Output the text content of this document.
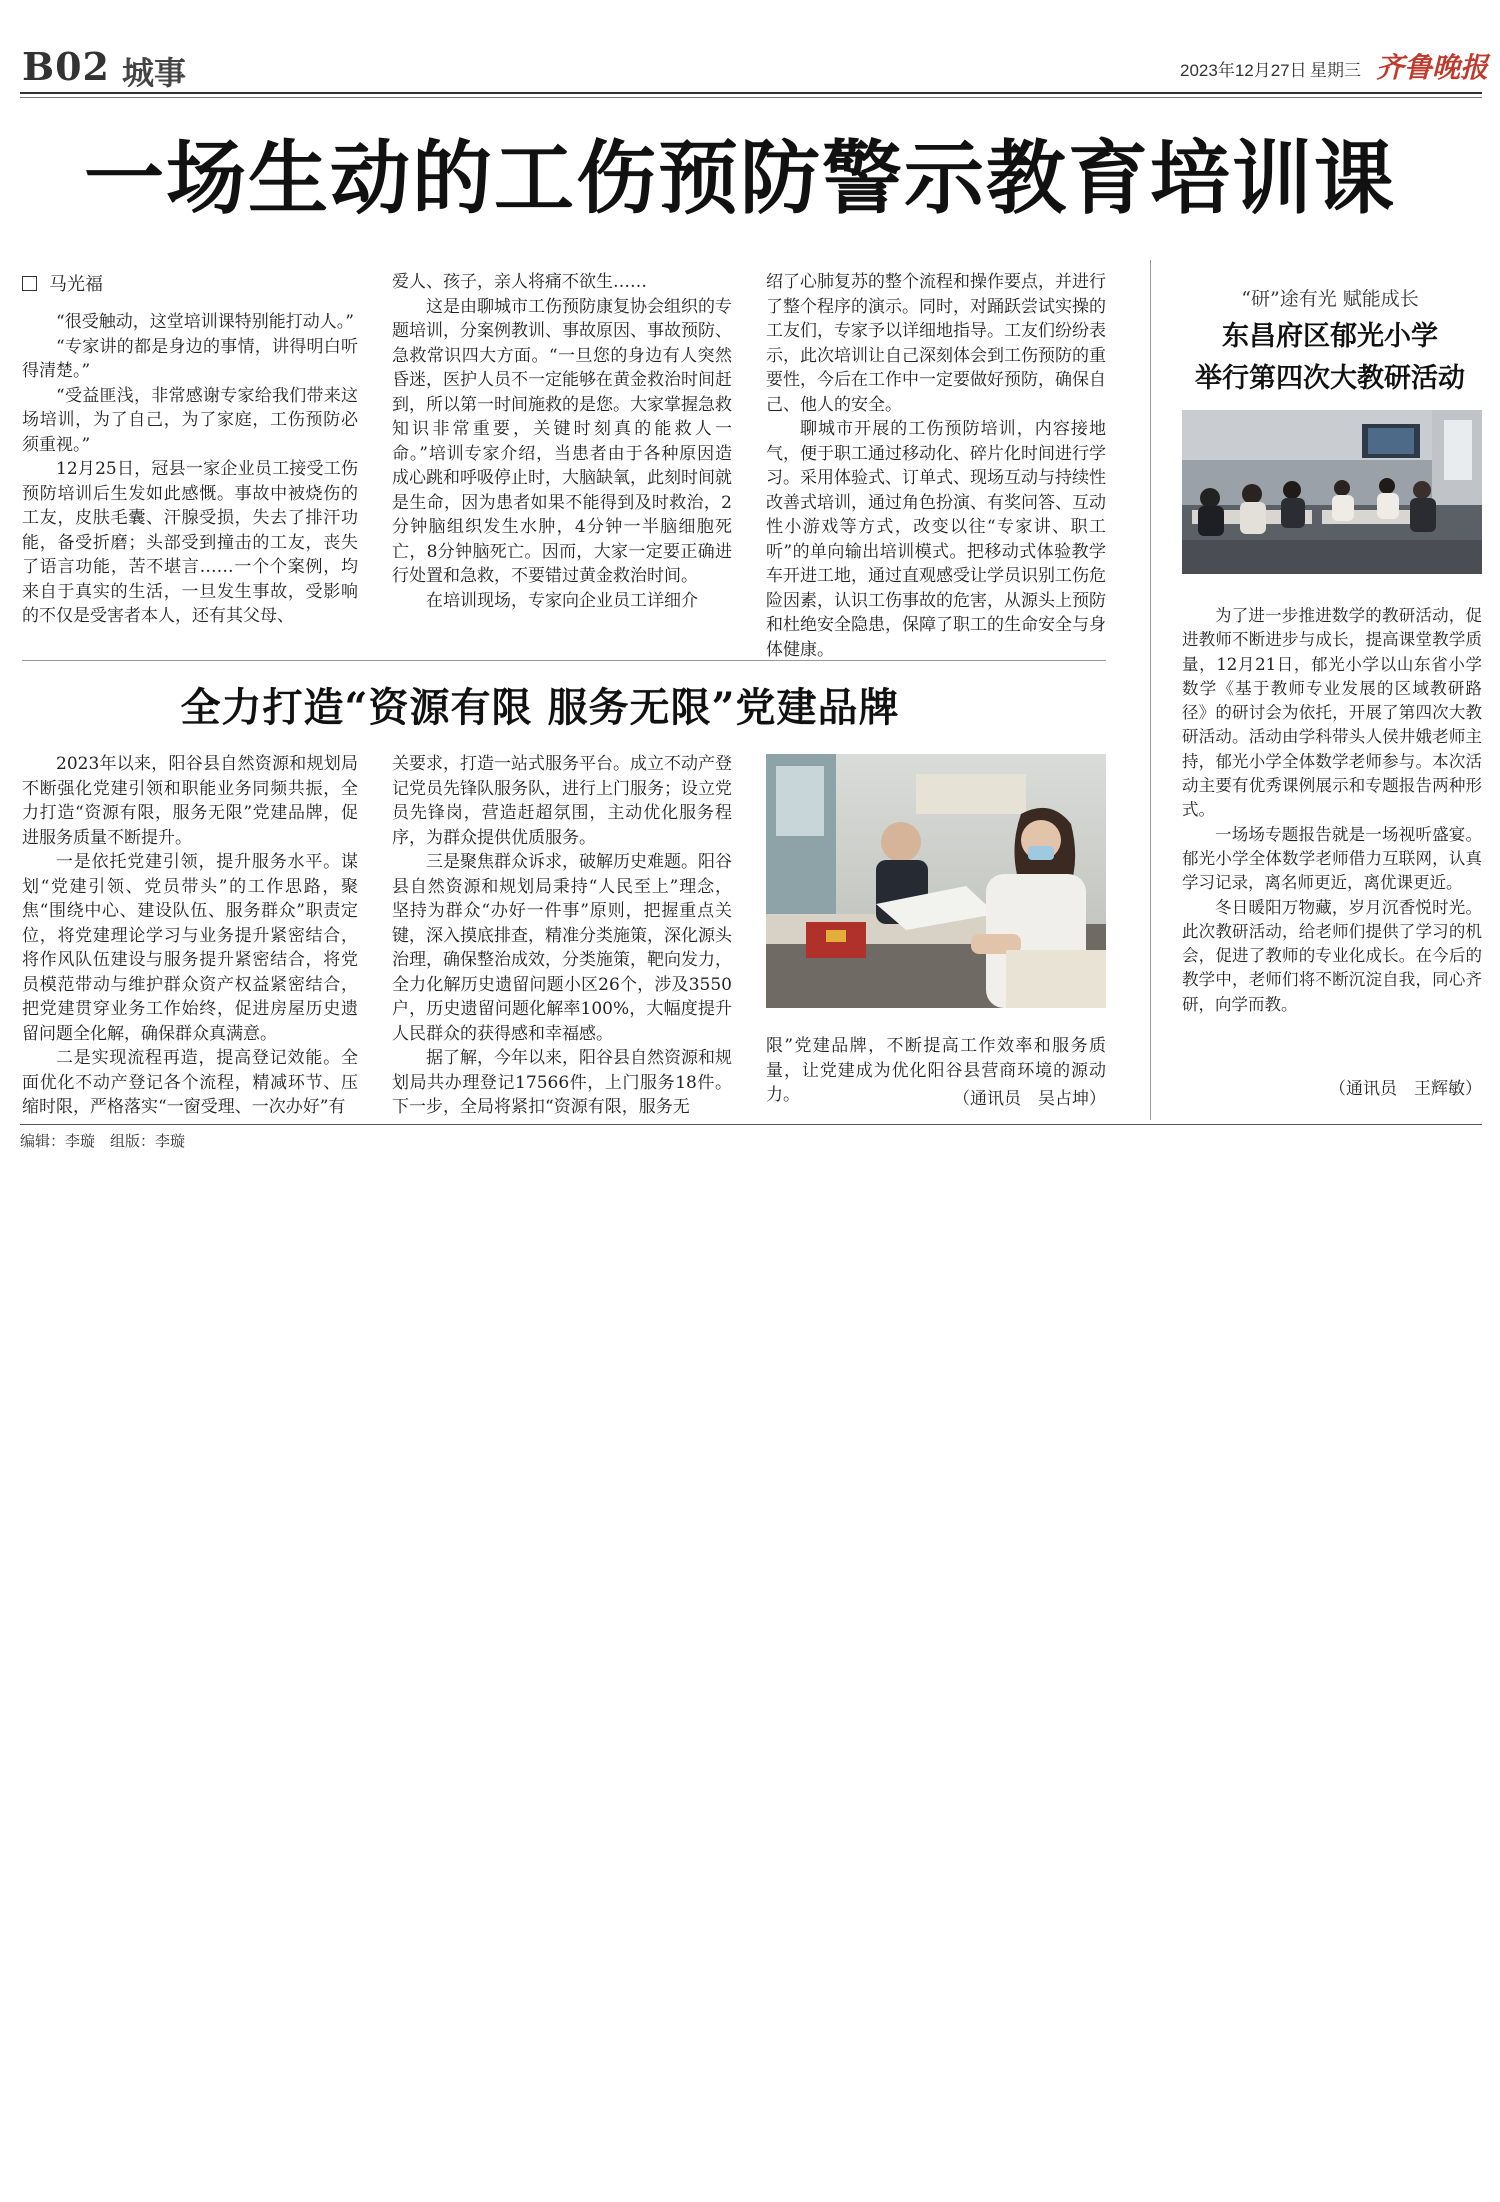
B02 城事	2023年12月27日 星期三 齐鲁晚报
一场生动的工伤预防警示教育培训课
马光福

“很受触动，这堂培训课特别能打动人。”

“专家讲的都是身边的事情，讲得明白听得清楚。”

“受益匪浅，非常感谢专家给我们带来这场培训，为了自己，为了家庭，工伤预防必须重视。”

12月25日，冠县一家企业员工接受工伤预防培训后生发如此感慨。事故中被烧伤的工友，皮肤毛囊、汗腺受损，失去了排汗功能，备受折磨；头部受到撞击的工友，丧失了语言功能，苦不堪言……一个个案例，均来自于真实的生活，一旦发生事故，受影响的不仅是受害者本人，还有其父母、

爱人、孩子，亲人将痛不欲生……

这是由聊城市工伤预防康复协会组织的专题培训，分案例教训、事故原因、事故预防、急救常识四大方面。“一旦您的身边有人突然昏迷，医护人员不一定能够在黄金救治时间赶到，所以第一时间施救的是您。大家掌握急救知识非常重要，关键时刻真的能救人一命。”培训专家介绍，当患者由于各种原因造成心跳和呼吸停止时，大脑缺氧，此刻时间就是生命，因为患者如果不能得到及时救治，2分钟脑组织发生水肿，4分钟一半脑细胞死亡，8分钟脑死亡。因而，大家一定要正确进行处置和急救，不要错过黄金救治时间。

在培训现场，专家向企业员工详细介

绍了心肺复苏的整个流程和操作要点，并进行了整个程序的演示。同时，对踊跃尝试实操的工友们，专家予以详细地指导。工友们纷纷表示，此次培训让自己深刻体会到工伤预防的重要性，今后在工作中一定要做好预防，确保自己、他人的安全。

聊城市开展的工伤预防培训，内容接地气，便于职工通过移动化、碎片化时间进行学习。采用体验式、订单式、现场互动与持续性改善式培训，通过角色扮演、有奖问答、互动性小游戏等方式，改变以往“专家讲、职工听”的单向输出培训模式。把移动式体验教学车开进工地，通过直观感受让学员识别工伤危险因素，认识工伤事故的危害，从源头上预防和杜绝安全隐患，保障了职工的生命安全与身体健康。

全力打造“资源有限 服务无限”党建品牌

2023年以来，阳谷县自然资源和规划局不断强化党建引领和职能业务同频共振，全力打造“资源有限，服务无限”党建品牌，促进服务质量不断提升。

一是依托党建引领，提升服务水平。谋划“党建引领、党员带头”的工作思路，聚焦“围绕中心、建设队伍、服务群众”职责定位，将党建理论学习与业务提升紧密结合，将作风队伍建设与服务提升紧密结合，将党员模范带动与维护群众资产权益紧密结合，把党建贯穿业务工作始终，促进房屋历史遗留问题全化解，确保群众真满意。

二是实现流程再造，提高登记效能。全面优化不动产登记各个流程，精减环节、压缩时限，严格落实“一窗受理、一次办好”有

关要求，打造一站式服务平台。成立不动产登记党员先锋队服务队，进行上门服务；设立党员先锋岗，营造赶超氛围，主动优化服务程序，为群众提供优质服务。

三是聚焦群众诉求，破解历史难题。阳谷县自然资源和规划局秉持“人民至上”理念，坚持为群众“办好一件事”原则，把握重点关键，深入摸底排查，精准分类施策，深化源头治理，确保整治成效，分类施策，靶向发力，全力化解历史遗留问题小区26个，涉及3550户，历史遗留问题化解率100%，大幅度提升人民群众的获得感和幸福感。

据了解，今年以来，阳谷县自然资源和规划局共办理登记17566件，上门服务18件。下一步，全局将紧扣“资源有限，服务无

限”党建品牌，不断提高工作效率和服务质量，让党建成为优化阳谷县营商环境的源动力。	（通讯员　吴占坤）
“研”途有光 赋能成长
东昌府区郁光小学
举行第四次大教研活动

为了进一步推进数学的教研活动，促进教师不断进步与成长，提高课堂教学质量，12月21日，郁光小学以山东省小学数学《基于教师专业发展的区域教研路径》的研讨会为依托，开展了第四次大教研活动。活动由学科带头人侯井娥老师主持，郁光小学全体数学老师参与。本次活动主要有优秀课例展示和专题报告两种形式。

一场场专题报告就是一场视听盛宴。郁光小学全体数学老师借力互联网，认真学习记录，离名师更近，离优课更近。

冬日暖阳万物藏，岁月沉香悦时光。此次教研活动，给老师们提供了学习的机会，促进了教师的专业化成长。在今后的教学中，老师们将不断沉淀自我，同心齐研，向学而教。

（通讯员　王辉敏）
编辑：李璇　组版：李璇
